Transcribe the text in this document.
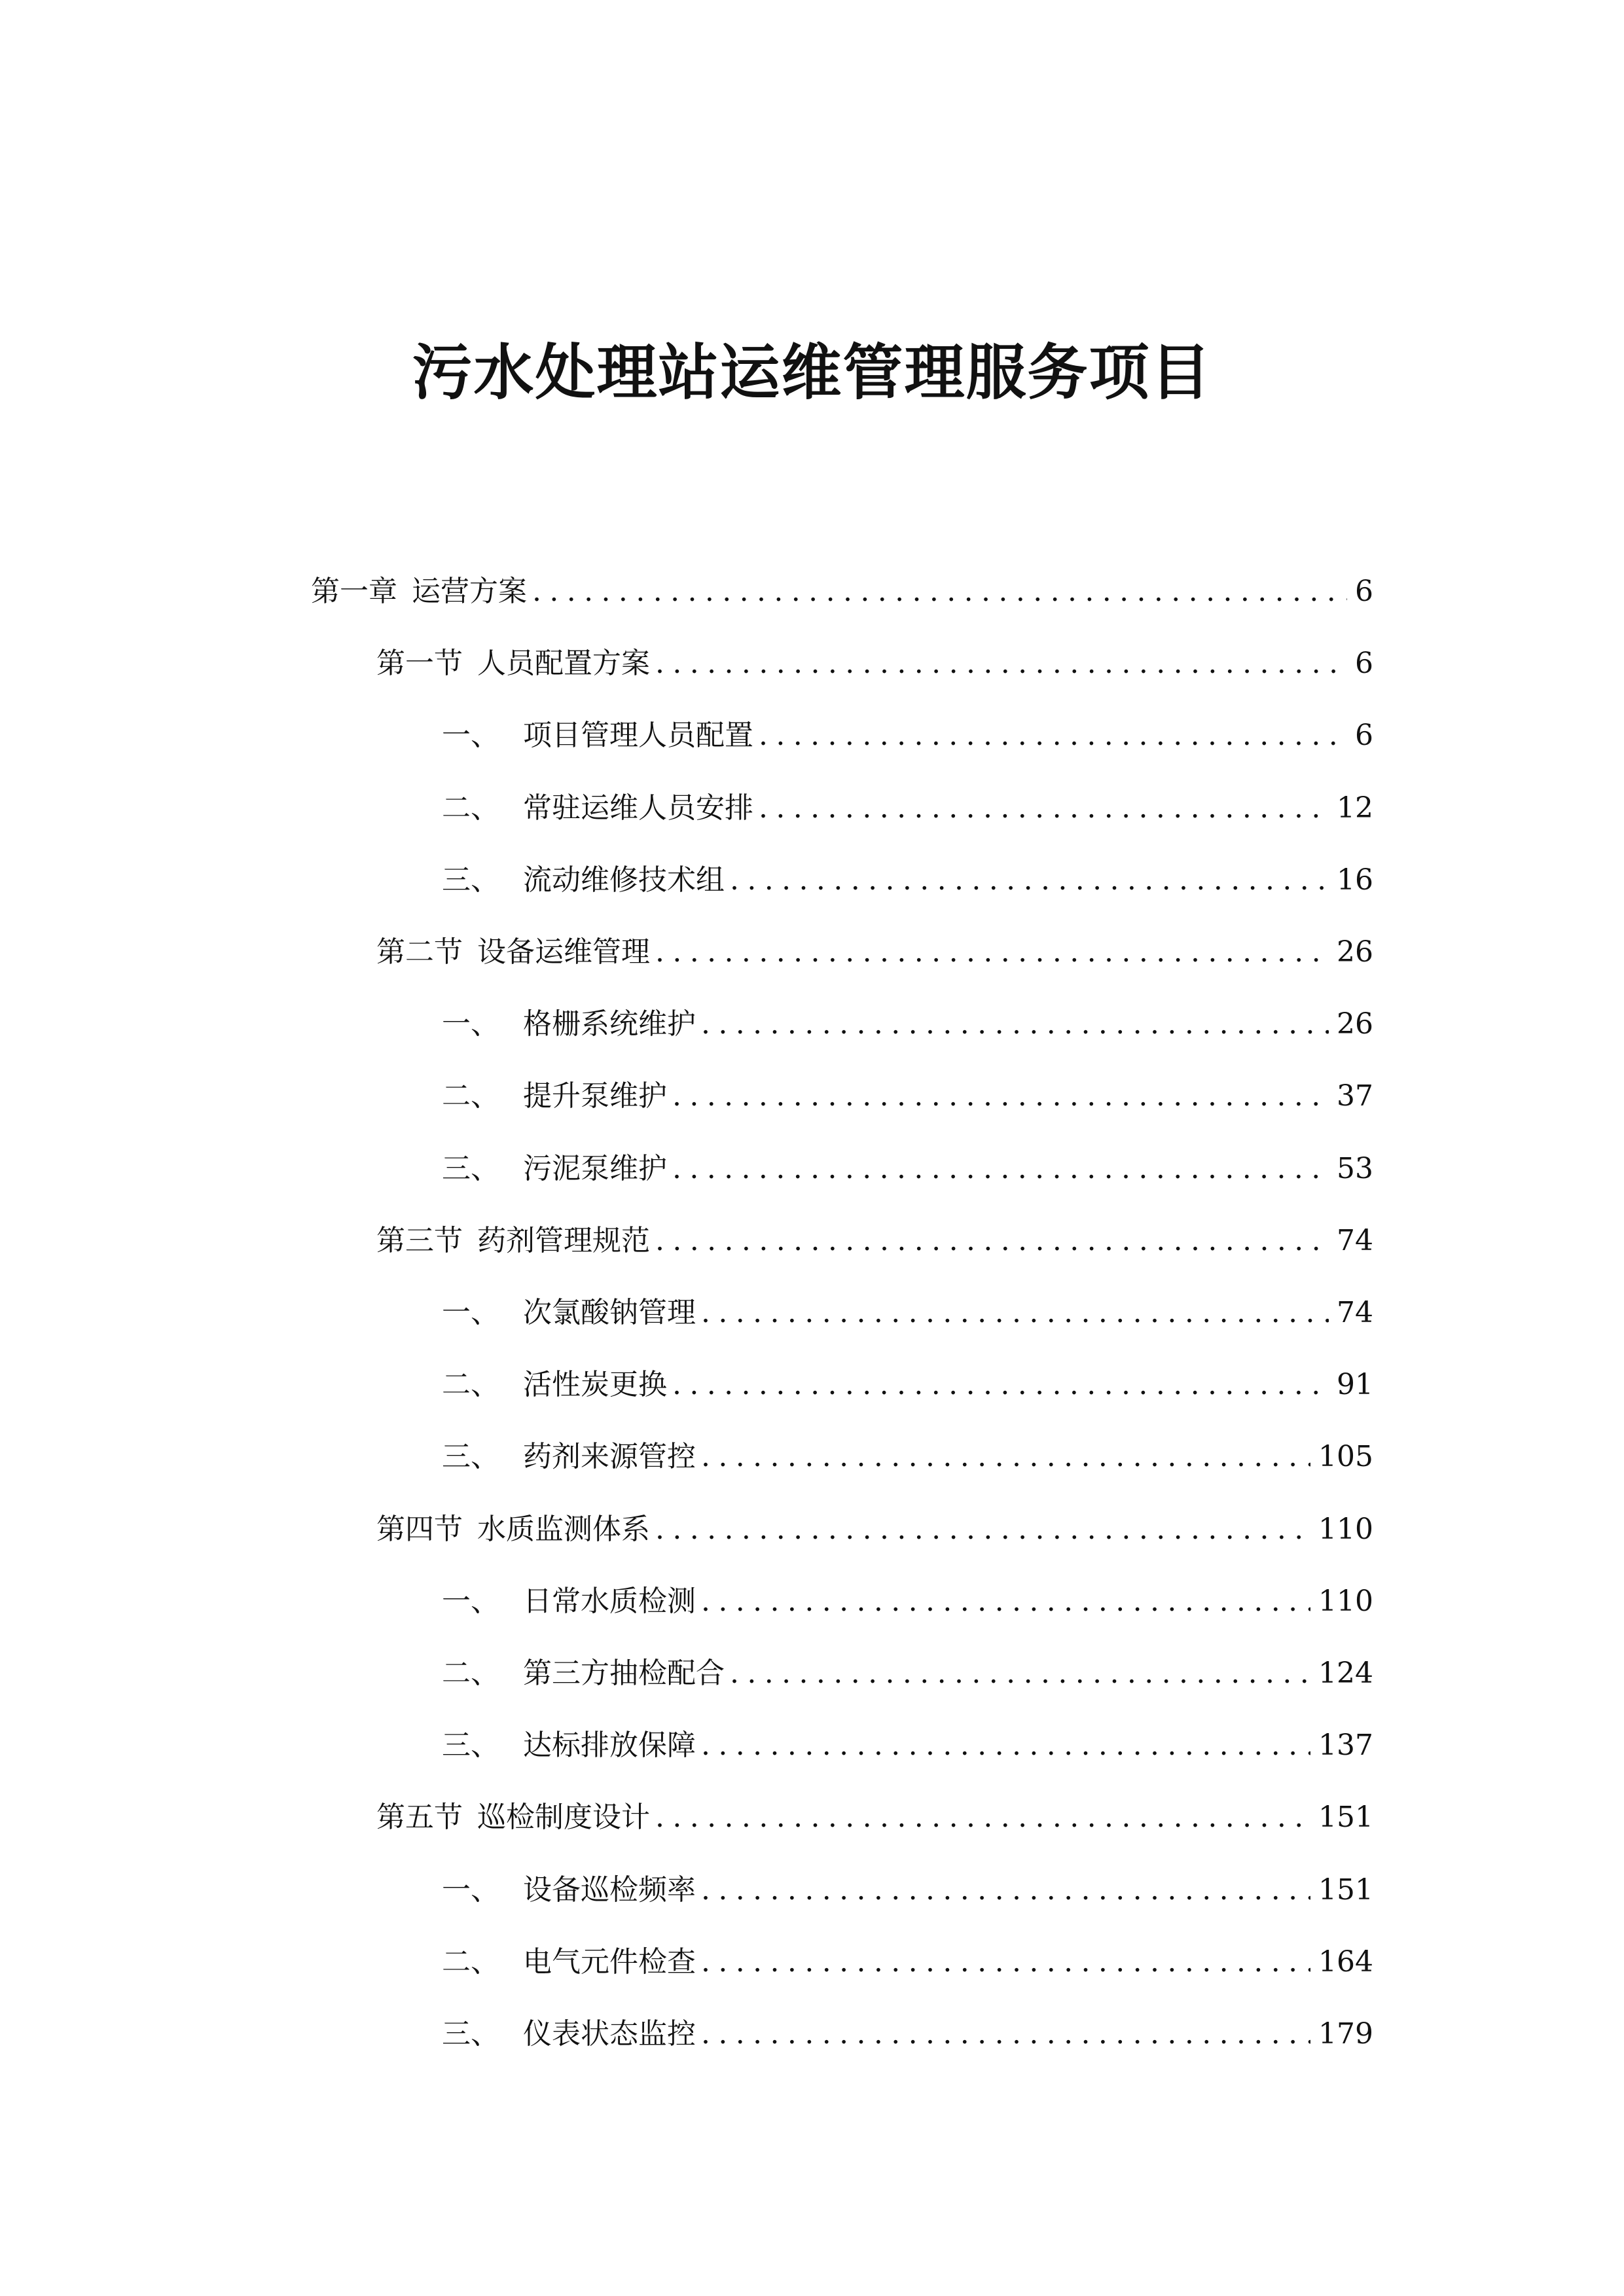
污水处理站运维管理服务项目
第一章 运营方案 .....	6
第一节 人员配置方案 .....	6
一、 项目管理人员配置 .....	6
二、 常驻运维人员安排 .....	12
三、 流动维修技术组 .....	16
第二节 设备运维管理 .....	26
一、 格栅系统维护 .....	26
二、 提升泵维护 .....	37
三、 污泥泵维护 .....	53
第三节 药剂管理规范 .....	74
一、 次氯酸钠管理 .....	74
二、 活性炭更换 .....	91
三、 药剂来源管控 .....	105
第四节 水质监测体系 .....	110
一、 日常水质检测 .....	110
二、 第三方抽检配合 .....	124
三、 达标排放保障 .....	137
第五节 巡检制度设计 .....	151
一、 设备巡检频率 .....	151
二、 电气元件检查 .....	164
三、 仪表状态监控 .....	179
